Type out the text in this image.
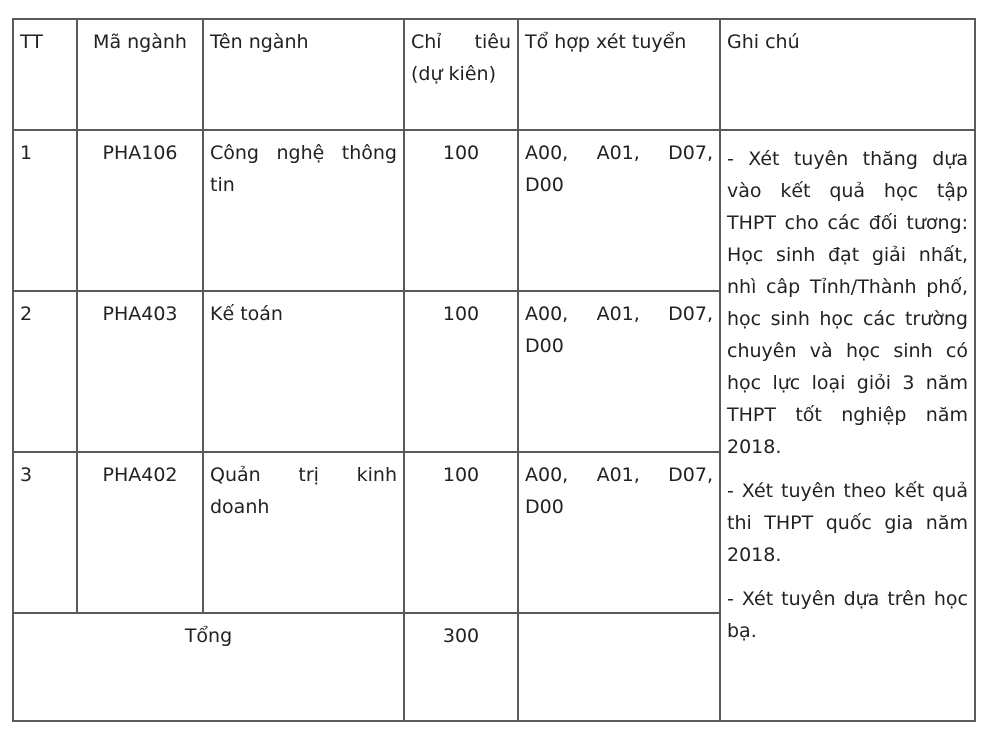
TT	Mã ngành	Tên ngành	Chỉ tiêu (dự kiên)	Tổ hợp xét tuyển	Ghi chú
1	PHA106	Công nghệ thông tin	100	A00, A01, D07, D00	- Xét tuyên thăng dựa vào kết quả học tập THPT cho các đối tương: Học sinh đạt giải nhất, nhì câp Tỉnh/Thành phố, học sinh học các trường chuyên và học sinh có học lực loại giỏi 3 năm THPT tốt nghiệp năm 2018.

- Xét tuyên theo kết quả thi THPT quốc gia năm 2018.

- Xét tuyên dựa trên học bạ.

2	PHA403	Kế toán	100	A00, A01, D07, D00	
3	PHA402	Quản trị kinh doanh	100	A00, A01, D07, D00	
Tổng			300		
